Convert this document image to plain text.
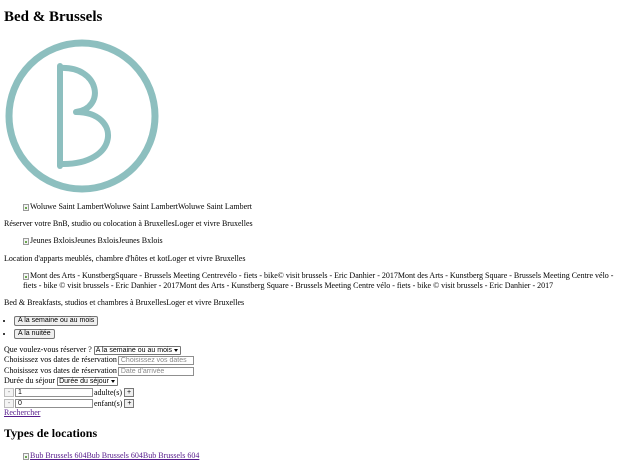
Bed & Brussels
Woluwe Saint LambertWoluwe Saint LambertWoluwe Saint Lambert
Réserver votre BnB, studio ou colocation à BruxellesLoger et vivre Bruxelles
Jeunes BxloisJeunes BxloisJeunes Bxlois
Location d'apparts meublés, chambre d'hôtes et kotLoger et vivre Bruxelles
Mont des Arts - KunstbergSquare - Brussels Meeting Centrevélo - fiets - bike© visit brussels - Eric Danhier - 2017Mont des Arts - Kunstberg Square - Brussels Meeting Centre vélo -
fiets - bike © visit brussels - Eric Danhier - 2017Mont des Arts - Kunstberg Square - Brussels Meeting Centre vélo - fiets - bike © visit brussels - Eric Danhier - 2017
Bed & Breakfasts, studios et chambres à BruxellesLoger et vivre Bruxelles
• A la semaine ou au mois
• A la nuitée
Que voulez-vous réserver ? A la semaine ou au mois
Choisissez vos dates de réservation Choisissez vos dates
Choisissez vos dates de réservation Date d'arrivée
Durée du séjour Durée du séjour
-	1	adulte(s) +
-	0	enfant(s) +
Rechercher
Types de locations
Bub Brussels 604Bub Brussels 604Bub Brussels 604
